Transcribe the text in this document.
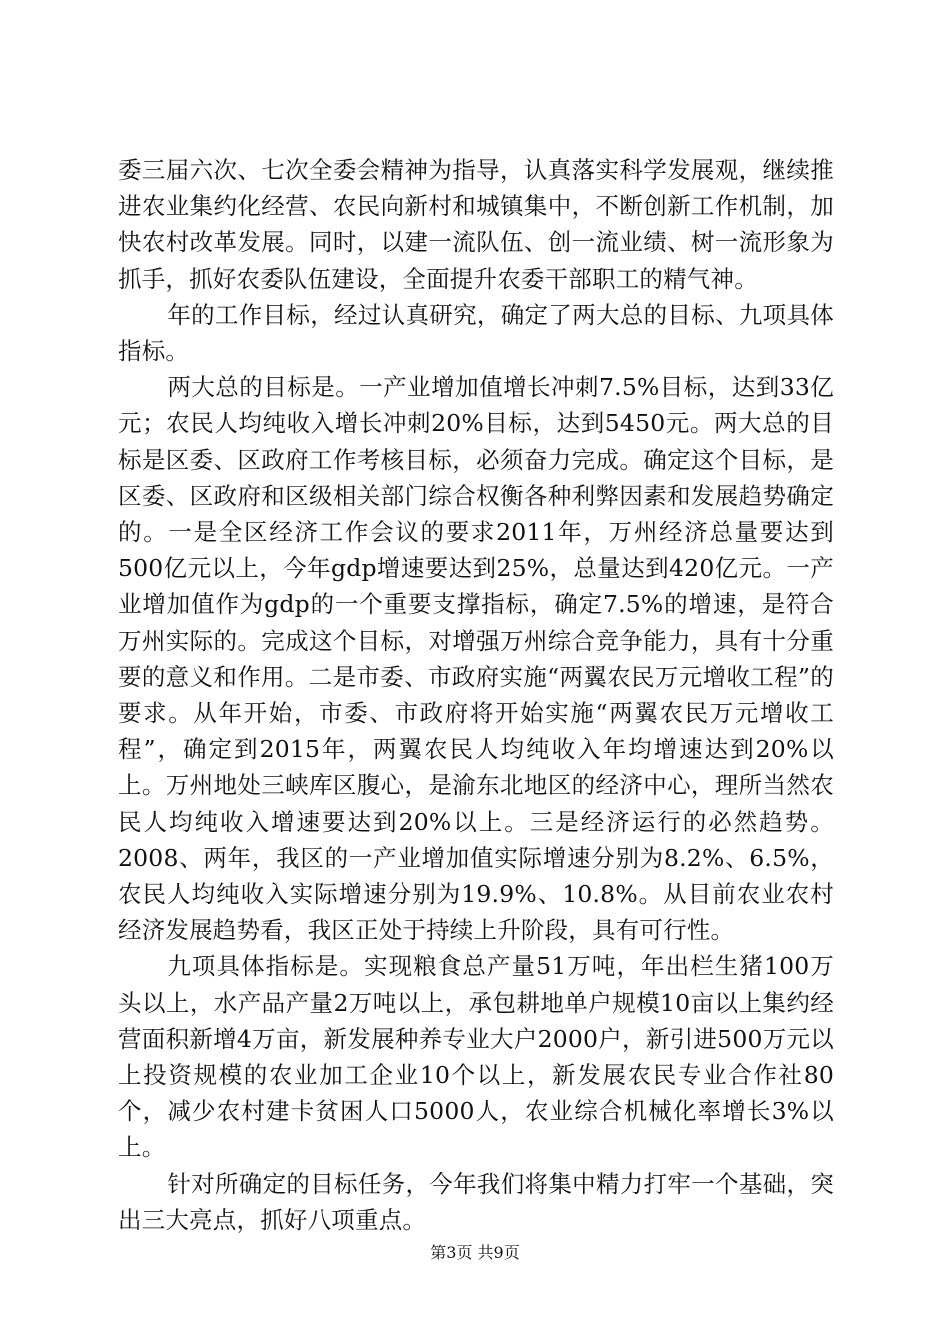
委三届六次、七次全委会精神为指导，认真落实科学发展观，继续推进农业集约化经营、农民向新村和城镇集中，不断创新工作机制，加快农村改革发展。同时，以建一流队伍、创一流业绩、树一流形象为抓手，抓好农委队伍建设，全面提升农委干部职工的精气神。

年的工作目标，经过认真研究，确定了两大总的目标、九项具体指标。

两大总的目标是。一产业增加值增长冲刺7.5%目标，达到33亿元；农民人均纯收入增长冲刺20%目标，达到5450元。两大总的目标是区委、区政府工作考核目标，必须奋力完成。确定这个目标，是区委、区政府和区级相关部门综合权衡各种利弊因素和发展趋势确定的。一是全区经济工作会议的要求2011年，万州经济总量要达到500亿元以上，今年gdp增速要达到25%，总量达到420亿元。一产业增加值作为gdp的一个重要支撑指标，确定7.5%的增速，是符合万州实际的。完成这个目标，对增强万州综合竞争能力，具有十分重要的意义和作用。二是市委、市政府实施“两翼农民万元增收工程”的要求。从年开始，市委、市政府将开始实施“两翼农民万元增收工程”，确定到2015年，两翼农民人均纯收入年均增速达到20%以上。万州地处三峡库区腹心，是渝东北地区的经济中心，理所当然农民人均纯收入增速要达到20%以上。三是经济运行的必然趋势。2008、两年，我区的一产业增加值实际增速分别为8.2%、6.5%，农民人均纯收入实际增速分别为19.9%、10.8%。从目前农业农村经济发展趋势看，我区正处于持续上升阶段，具有可行性。

九项具体指标是。实现粮食总产量51万吨，年出栏生猪100万头以上，水产品产量2万吨以上，承包耕地单户规模10亩以上集约经营面积新增4万亩，新发展种养专业大户2000户，新引进500万元以上投资规模的农业加工企业10个以上，新发展农民专业合作社80个，减少农村建卡贫困人口5000人，农业综合机械化率增长3%以上。

针对所确定的目标任务，今年我们将集中精力打牢一个基础，突出三大亮点，抓好八项重点。

第3页 共9页
